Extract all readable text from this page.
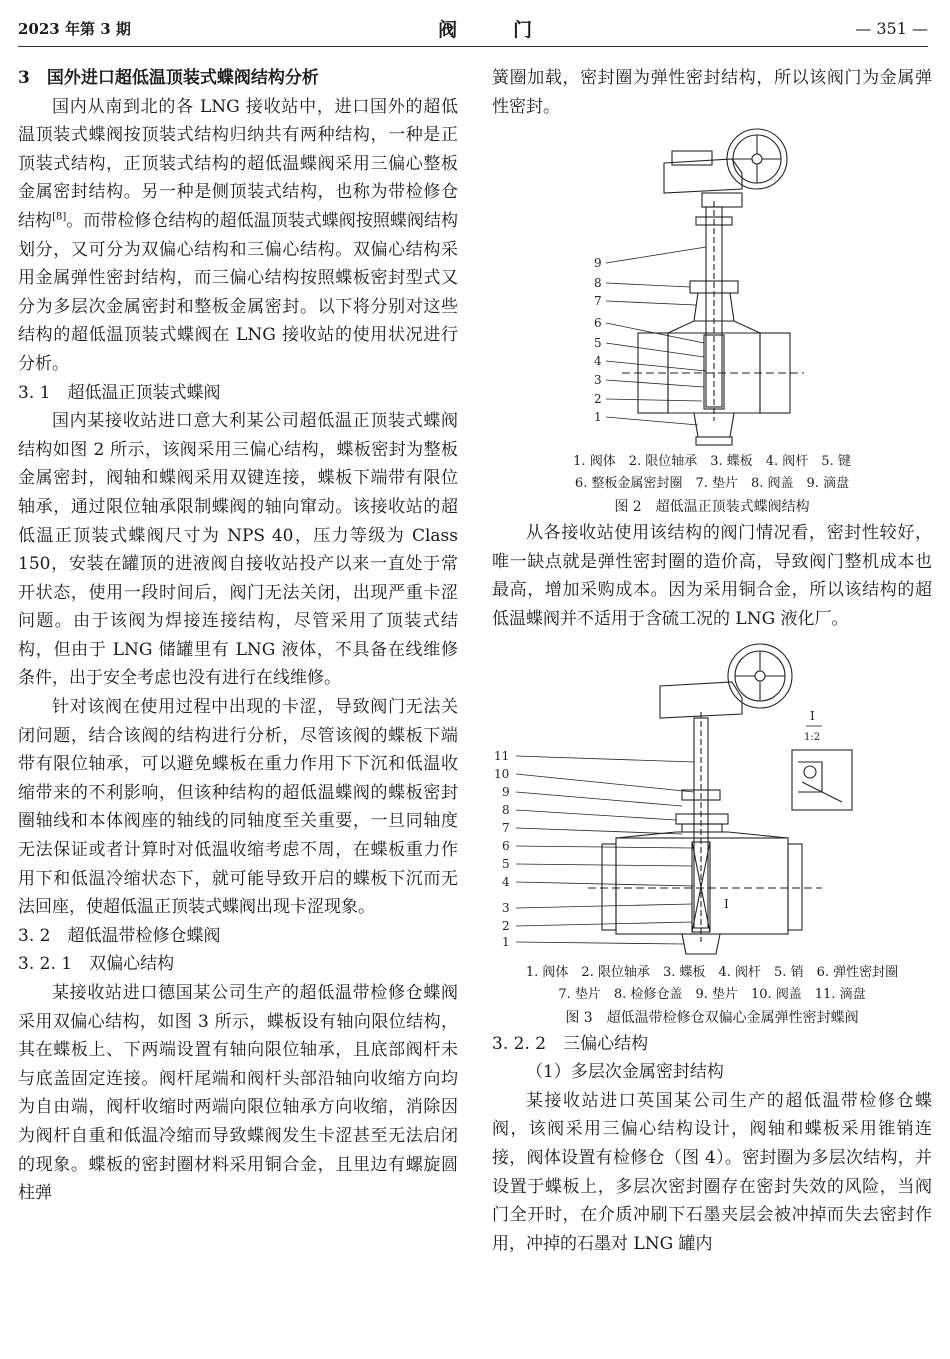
2023 年第 3 期	阀门	— 351 —

3　国外进口超低温顶装式蝶阀结构分析

国内从南到北的各 LNG 接收站中，进口国外的超低温顶装式蝶阀按顶装式结构归纳共有两种结构，一种是正顶装式结构，正顶装式结构的超低温蝶阀采用三偏心整板金属密封结构。另一种是侧顶装式结构，也称为带检修仓结构[8]。而带检修仓结构的超低温顶装式蝶阀按照蝶阀结构划分，又可分为双偏心结构和三偏心结构。双偏心结构采用金属弹性密封结构，而三偏心结构按照蝶板密封型式又分为多层次金属密封和整板金属密封。以下将分别对这些结构的超低温顶装式蝶阀在 LNG 接收站的使用状况进行分析。

3. 1　超低温正顶装式蝶阀

国内某接收站进口意大利某公司超低温正顶装式蝶阀结构如图 2 所示，该阀采用三偏心结构，蝶板密封为整板金属密封，阀轴和蝶阀采用双键连接，蝶板下端带有限位轴承，通过限位轴承限制蝶阀的轴向窜动。该接收站的超低温正顶装式蝶阀尺寸为 NPS 40，压力等级为 Class 150，安装在罐顶的进液阀自接收站投产以来一直处于常开状态，使用一段时间后，阀门无法关闭，出现严重卡涩问题。由于该阀为焊接连接结构，尽管采用了顶装式结构，但由于 LNG 储罐里有 LNG 液体，不具备在线维修条件，出于安全考虑也没有进行在线维修。

针对该阀在使用过程中出现的卡涩，导致阀门无法关闭问题，结合该阀的结构进行分析，尽管该阀的蝶板下端带有限位轴承，可以避免蝶板在重力作用下下沉和低温收缩带来的不利影响，但该种结构的超低温蝶阀的蝶板密封圈轴线和本体阀座的轴线的同轴度至关重要，一旦同轴度无法保证或者计算时对低温收缩考虑不周，在蝶板重力作用下和低温冷缩状态下，就可能导致开启的蝶板下沉而无法回座，使超低温正顶装式蝶阀出现卡涩现象。

3. 2　超低温带检修仓蝶阀

3. 2. 1　双偏心结构

某接收站进口德国某公司生产的超低温带检修仓蝶阀采用双偏心结构，如图 3 所示，蝶板设有轴向限位结构，其在蝶板上、下两端设置有轴向限位轴承，且底部阀杆未与底盖固定连接。阀杆尾端和阀杆头部沿轴向收缩方向均为自由端，阀杆收缩时两端向限位轴承方向收缩，消除因为阀杆自重和低温冷缩而导致蝶阀发生卡涩甚至无法启闭的现象。蝶板的密封圈材料采用铜合金，且里边有螺旋圆柱弹

簧圈加载，密封圈为弹性密封结构，所以该阀门为金属弹性密封。

9
8
7
6
5
4
3
2
1

1. 阀体　2. 限位轴承　3. 蝶板　4. 阀杆　5. 键

6. 整板金属密封圈　7. 垫片　8. 阀盖　9. 滴盘

图 2　超低温正顶装式蝶阀结构

从各接收站使用该结构的阀门情况看，密封性较好，唯一缺点就是弹性密封圈的造价高，导致阀门整机成本也最高，增加采购成本。因为采用铜合金，所以该结构的超低温蝶阀并不适用于含硫工况的 LNG 液化厂。

11
10
9
8
7
6
5
4
3
2
1
I
1:2
I

1. 阀体　2. 限位轴承　3. 蝶板　4. 阀杆　5. 销　6. 弹性密封圈

7. 垫片　8. 检修仓盖　9. 垫片　10. 阀盖　11. 滴盘

图 3　超低温带检修仓双偏心金属弹性密封蝶阀

3. 2. 2　三偏心结构

（1）多层次金属密封结构

某接收站进口英国某公司生产的超低温带检修仓蝶阀，该阀采用三偏心结构设计，阀轴和蝶板采用锥销连接，阀体设置有检修仓（图 4）。密封圈为多层次结构，并设置于蝶板上，多层次密封圈存在密封失效的风险，当阀门全开时，在介质冲刷下石墨夹层会被冲掉而失去密封作用，冲掉的石墨对 LNG 罐内
